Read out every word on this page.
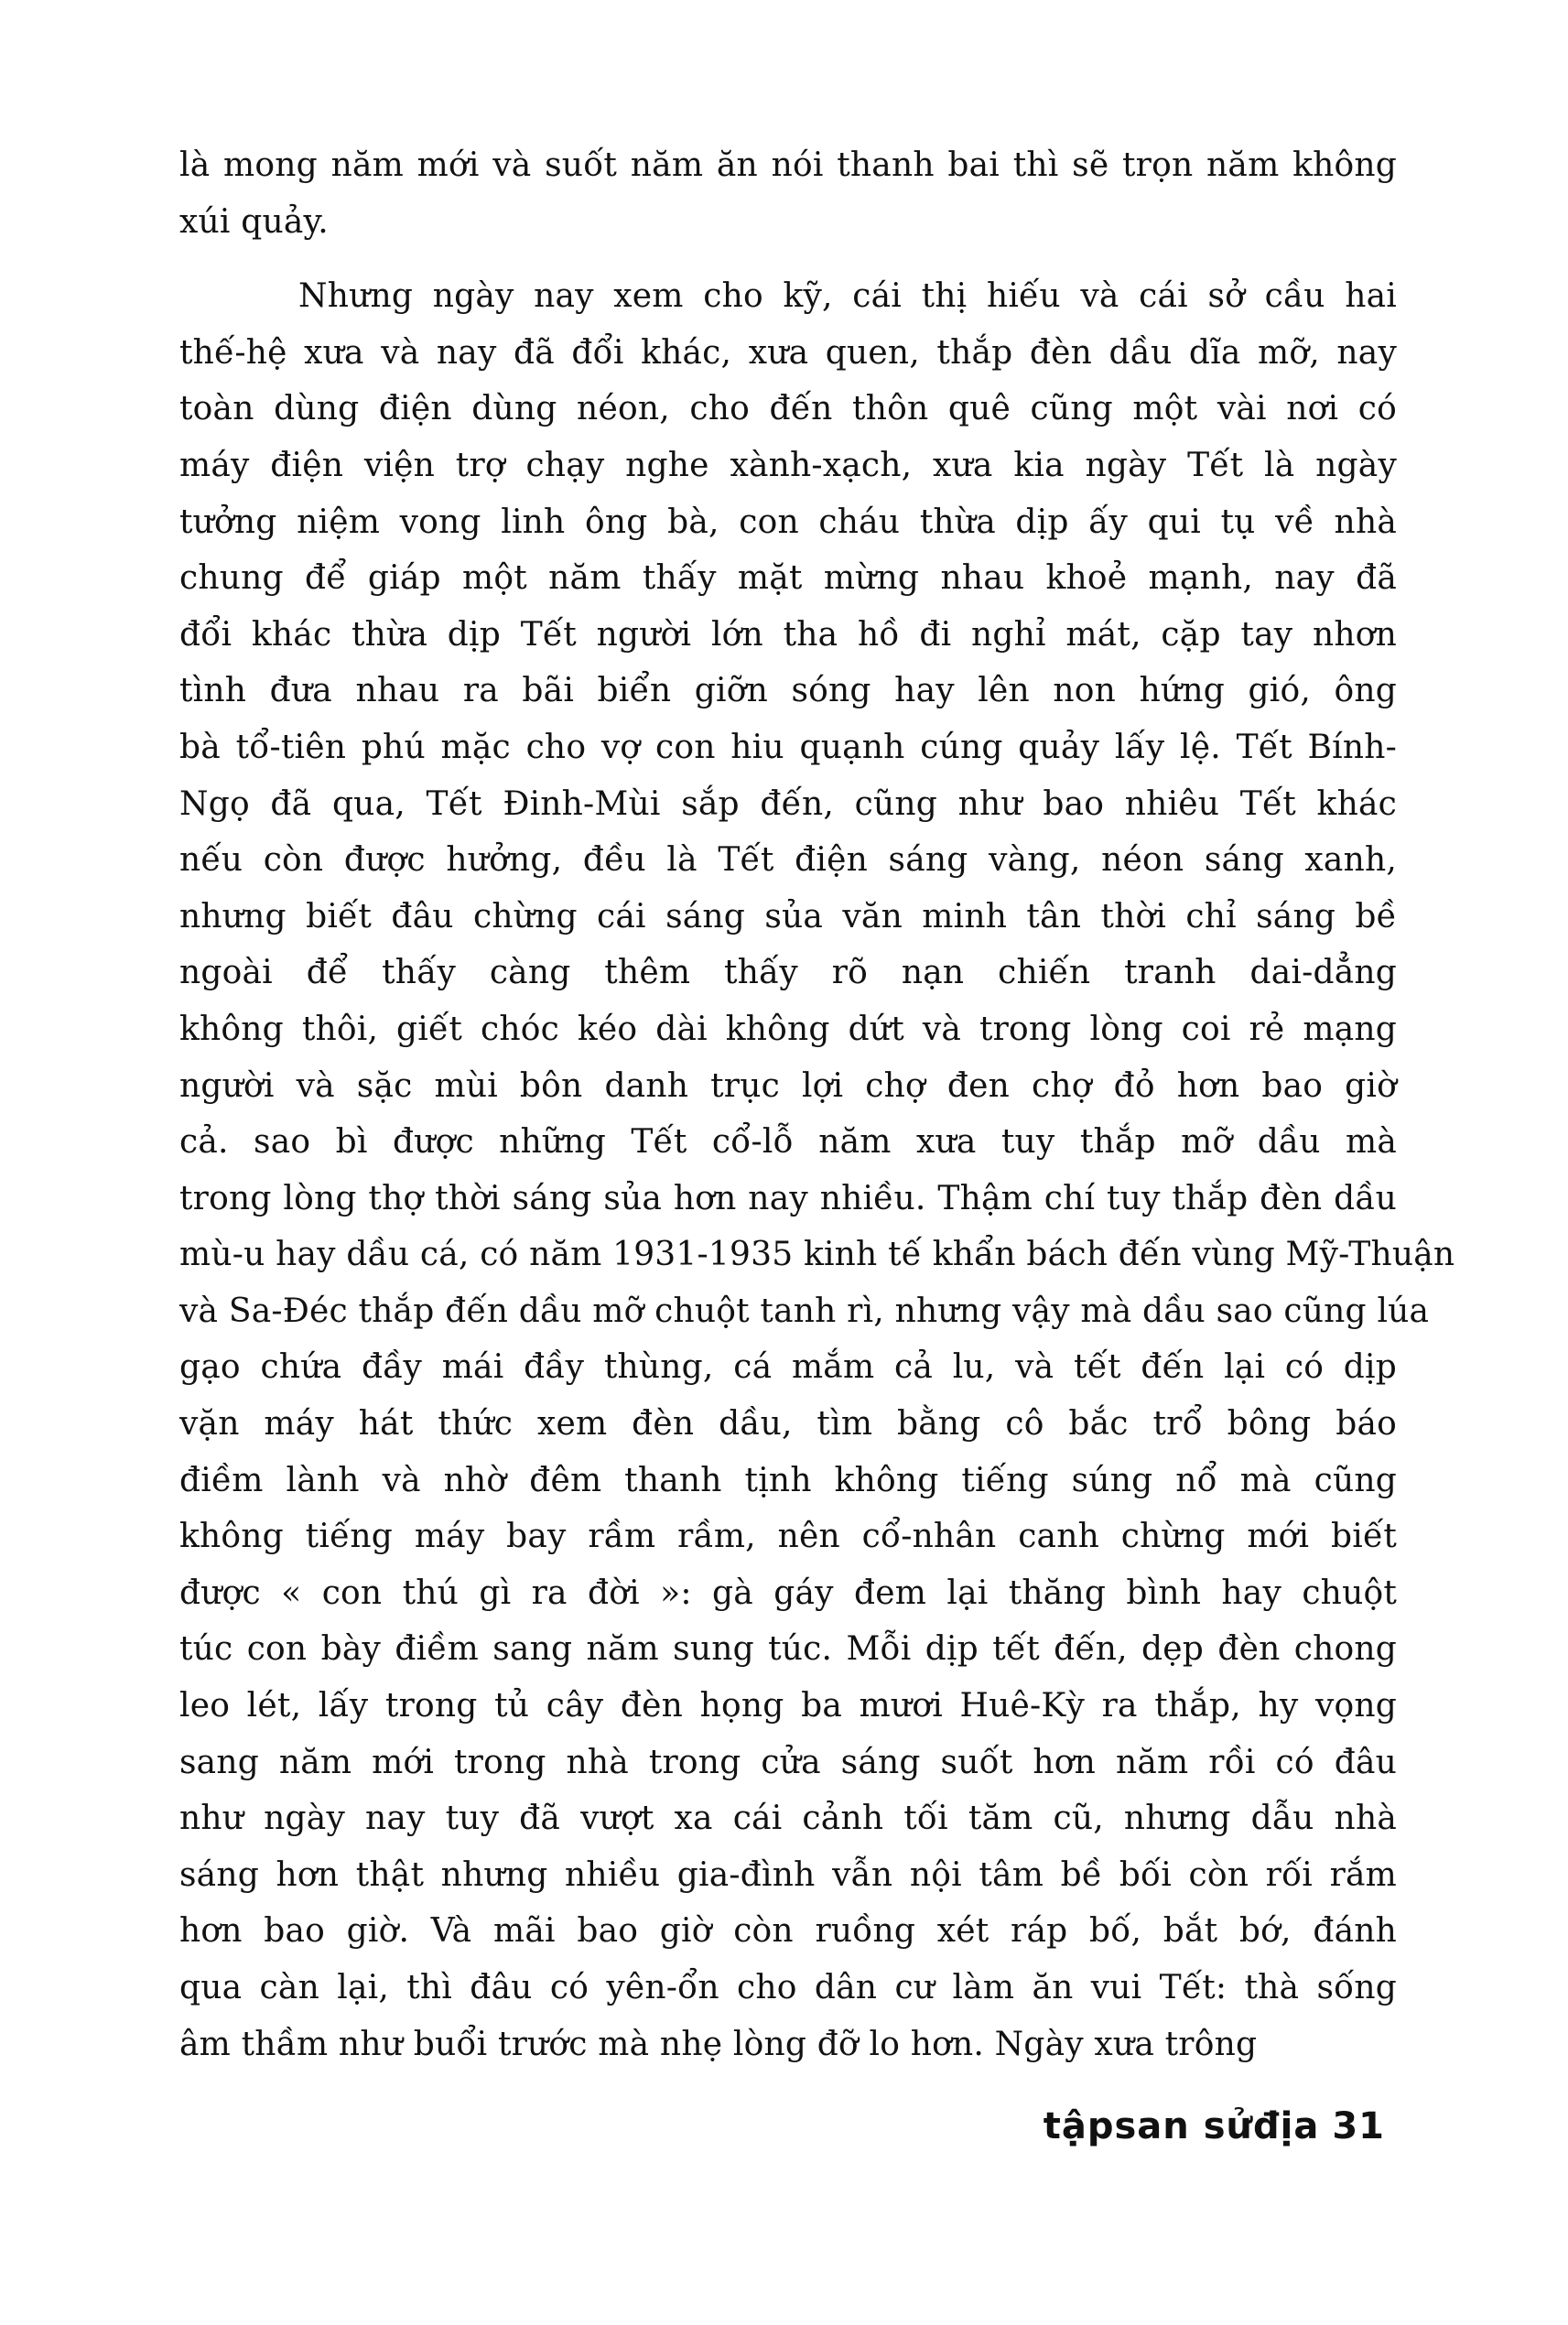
là mong năm mới và suốt năm ăn nói thanh bai thì sẽ trọn năm không
xúi quảy.
Nhưng ngày nay xem cho kỹ, cái thị hiếu và cái sở cầu hai
thế-hệ xưa và nay đã đổi khác, xưa quen, thắp đèn dầu dĩa mỡ, nay
toàn dùng điện dùng néon, cho đến thôn quê cũng một vài nơi có
máy điện viện trợ chạy nghe xành-xạch, xưa kia ngày Tết là ngày
tưởng niệm vong linh ông bà, con cháu thừa dịp ấy qui tụ về nhà
chung để giáp một năm thấy mặt mừng nhau khoẻ mạnh, nay đã
đổi khác thừa dịp Tết người lớn tha hồ đi nghỉ mát, cặp tay nhơn
tình đưa nhau ra bãi biển giỡn sóng hay lên non hứng gió, ông
bà tổ-tiên phú mặc cho vợ con hiu quạnh cúng quảy lấy lệ. Tết Bính-
Ngọ đã qua, Tết Đinh-Mùi sắp đến, cũng như bao nhiêu Tết khác
nếu còn được hưởng, đều là Tết điện sáng vàng, néon sáng xanh,
nhưng biết đâu chừng cái sáng sủa văn minh tân thời chỉ sáng bề
ngoài để thấy càng thêm thấy rõ nạn chiến tranh dai-dẳng
không thôi, giết chóc kéo dài không dứt và trong lòng coi rẻ mạng
người và sặc mùi bôn danh trục lợi chợ đen chợ đỏ hơn bao giờ
cả. sao bì được những Tết cổ-lỗ năm xưa tuy thắp mỡ dầu mà
trong lòng thợ thời sáng sủa hơn nay nhiều. Thậm chí tuy thắp đèn dầu
mù-u hay dầu cá, có năm 1931-1935 kinh tế khẩn bách đến vùng Mỹ-Thuận
và Sa-Đéc thắp đến dầu mỡ chuột tanh rì, nhưng vậy mà dầu sao cũng lúa
gạo chứa đầy mái đầy thùng, cá mắm cả lu, và tết đến lại có dịp
vặn máy hát thức xem đèn dầu, tìm bằng cô bắc trổ bông báo
điềm lành và nhờ đêm thanh tịnh không tiếng súng nổ mà cũng
không tiếng máy bay rầm rầm, nên cổ-nhân canh chừng mới biết
được « con thú gì ra đời »: gà gáy đem lại thăng bình hay chuột
túc con bày điềm sang năm sung túc. Mỗi dịp tết đến, dẹp đèn chong
leo lét, lấy trong tủ cây đèn họng ba mươi Huê-Kỳ ra thắp, hy vọng
sang năm mới trong nhà trong cửa sáng suốt hơn năm rồi có đâu
như ngày nay tuy đã vượt xa cái cảnh tối tăm cũ, nhưng dẫu nhà
sáng hơn thật nhưng nhiều gia-đình vẫn nội tâm bề bối còn rối rắm
hơn bao giờ. Và mãi bao giờ còn ruồng xét ráp bố, bắt bớ, đánh
qua càn lại, thì đâu có yên-ổn cho dân cư làm ăn vui Tết: thà sống
âm thầm như buổi trước mà nhẹ lòng đỡ lo hơn. Ngày xưa trông
tậpsan sửđịa 31
